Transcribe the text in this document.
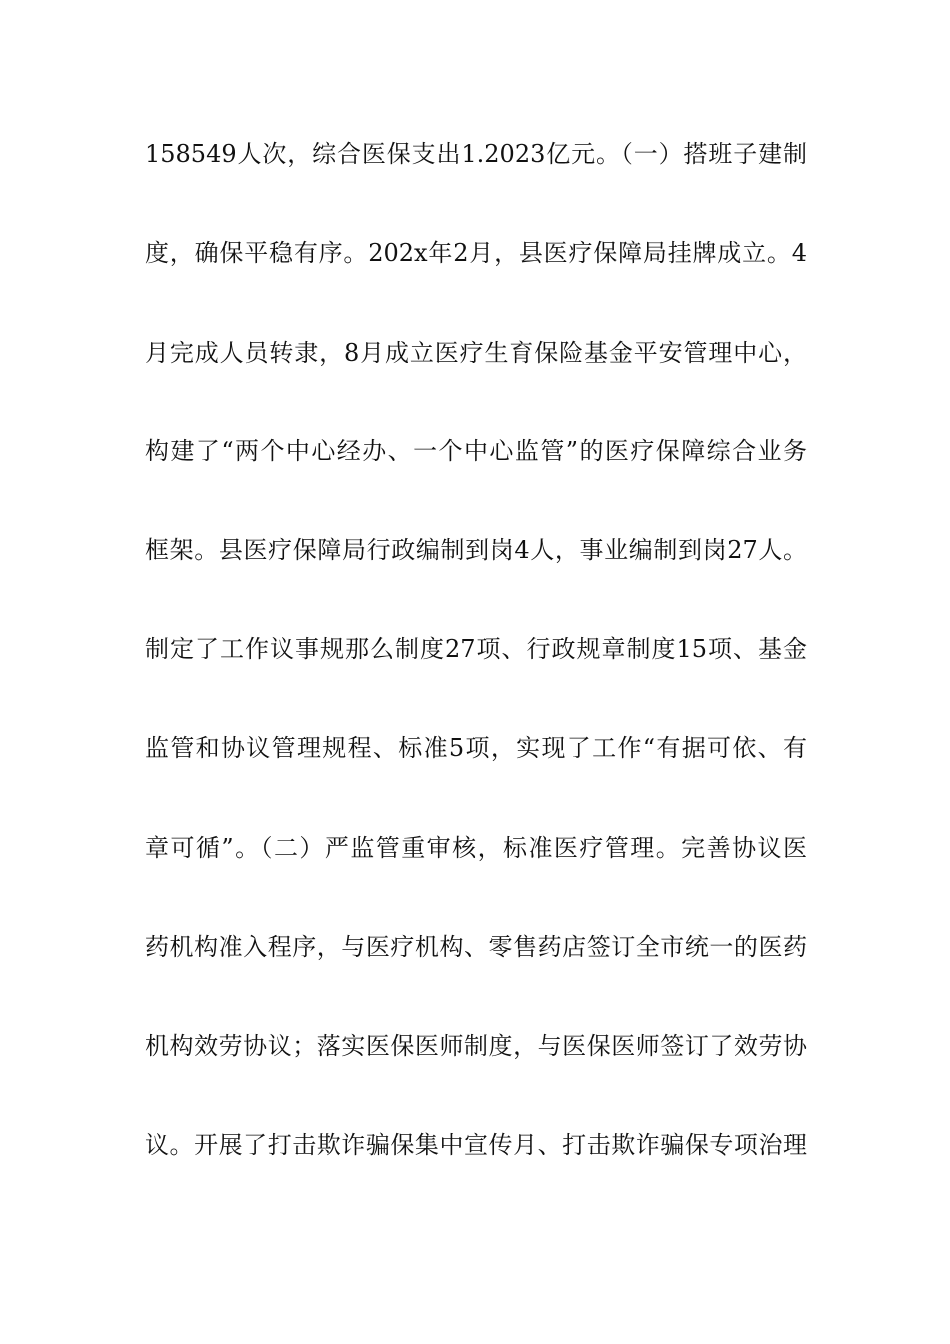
158549人次，综合医保支出1.2023亿元。（一）搭班子建制
度，确保平稳有序。202x年2月，县医疗保障局挂牌成立。4
月完成人员转隶，8月成立医疗生育保险基金平安管理中心，
构建了“两个中心经办、一个中心监管”的医疗保障综合业务
框架。县医疗保障局行政编制到岗4人，事业编制到岗27人。
制定了工作议事规那么制度27项、行政规章制度15项、基金
监管和协议管理规程、标准5项，实现了工作“有据可依、有
章可循”。（二）严监管重审核，标准医疗管理。完善协议医
药机构准入程序，与医疗机构、零售药店签订全市统一的医药
机构效劳协议；落实医保医师制度，与医保医师签订了效劳协
议。开展了打击欺诈骗保集中宣传月、打击欺诈骗保专项治理
